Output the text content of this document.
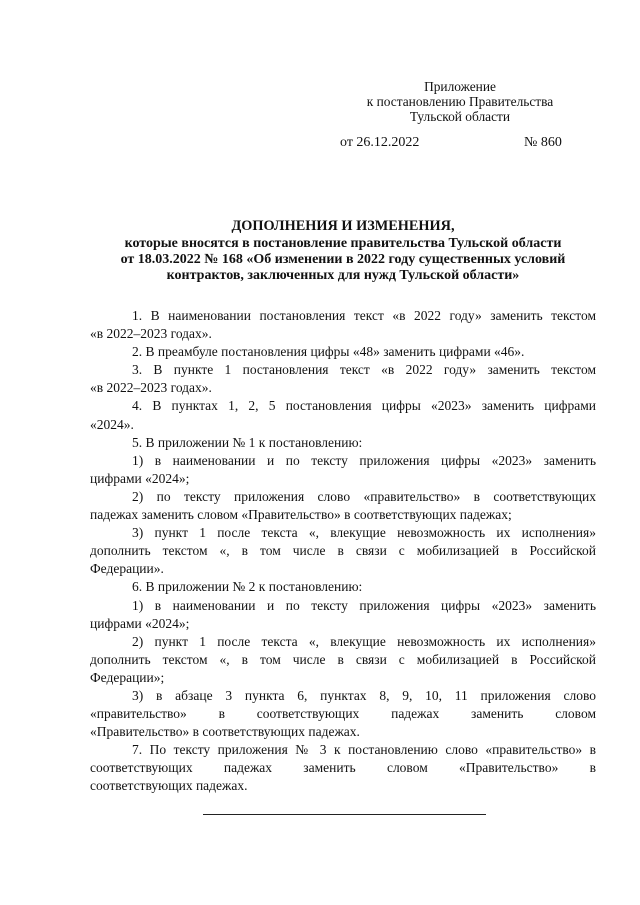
Приложение
к постановлению Правительства
Тульской области
от 26.12.2022	№ 860
ДОПОЛНЕНИЯ И ИЗМЕНЕНИЯ,
которые вносятся в постановление правительства Тульской области
от 18.03.2022 № 168 «Об изменении в 2022 году существенных условий
контрактов, заключенных для нужд Тульской области»
1. В наименовании постановления текст «в 2022 году» заменить текстом
«в 2022–2023 годах».
2. В преамбуле постановления цифры «48» заменить цифрами «46».
3. В пункте 1 постановления текст «в 2022 году» заменить текстом
«в 2022–2023 годах».
4. В пунктах 1, 2, 5 постановления цифры «2023» заменить цифрами
«2024».
5. В приложении № 1 к постановлению:
1) в наименовании и по тексту приложения цифры «2023» заменить
цифрами «2024»;
2) по тексту приложения слово «правительство» в соответствующих
падежах заменить словом «Правительство» в соответствующих падежах;
3) пункт 1 после текста «, влекущие невозможность их исполнения»
дополнить текстом «, в том числе в связи с мобилизацией в Российской
Федерации».
6. В приложении № 2 к постановлению:
1) в наименовании и по тексту приложения цифры «2023» заменить
цифрами «2024»;
2) пункт 1 после текста «, влекущие невозможность их исполнения»
дополнить текстом «, в том числе в связи с мобилизацией в Российской
Федерации»;
3) в абзаце 3 пункта 6, пунктах 8, 9, 10, 11 приложения слово
«правительство» в соответствующих падежах заменить словом
«Правительство» в соответствующих падежах.
7. По тексту приложения № 3 к постановлению слово «правительство» в
соответствующих падежах заменить словом «Правительство» в
соответствующих падежах.
